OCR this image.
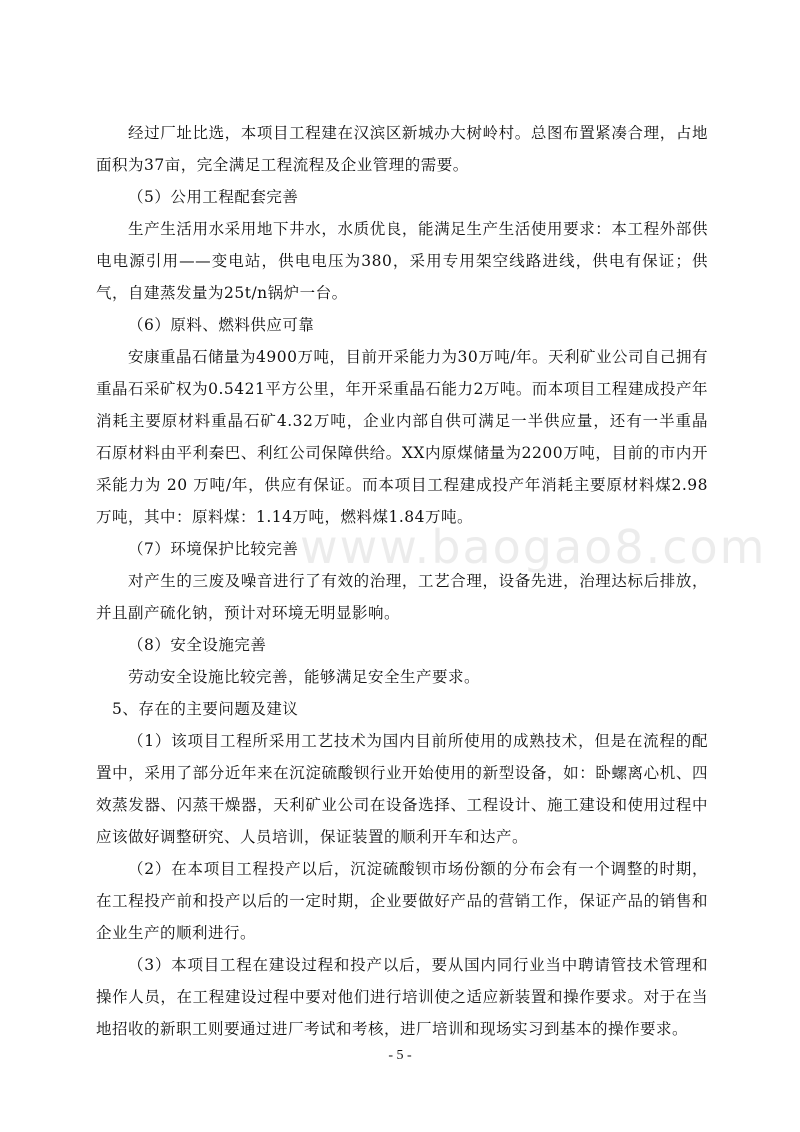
经过厂址比选，本项目工程建在汉滨区新城办大树岭村。总图布置紧凑合理，占地面积为37亩，完全满足工程流程及企业管理的需要。

（5）公用工程配套完善

生产生活用水采用地下井水，水质优良，能满足生产生活使用要求：本工程外部供电电源引用——变电站，供电电压为380，采用专用架空线路进线，供电有保证；供气，自建蒸发量为25t/n锅炉一台。

（6）原料、燃料供应可靠

安康重晶石储量为4900万吨，目前开采能力为30万吨/年。天利矿业公司自己拥有重晶石采矿权为0.5421平方公里，年开采重晶石能力2万吨。而本项目工程建成投产年消耗主要原材料重晶石矿4.32万吨，企业内部自供可满足一半供应量，还有一半重晶石原材料由平利秦巴、利红公司保障供给。XX内原煤储量为2200万吨，目前的市内开采能力为 20 万吨/年，供应有保证。而本项目工程建成投产年消耗主要原材料煤2.98万吨，其中：原料煤：1.14万吨，燃料煤1.84万吨。

（7）环境保护比较完善

对产生的三废及噪音进行了有效的治理，工艺合理，设备先进，治理达标后排放，并且副产硫化钠，预计对环境无明显影响。

（8）安全设施完善

劳动安全设施比较完善，能够满足安全生产要求。

5、存在的主要问题及建议

（1）该项目工程所采用工艺技术为国内目前所使用的成熟技术，但是在流程的配置中，采用了部分近年来在沉淀硫酸钡行业开始使用的新型设备，如：卧螺离心机、四效蒸发器、闪蒸干燥器，天利矿业公司在设备选择、工程设计、施工建设和使用过程中应该做好调整研究、人员培训，保证装置的顺利开车和达产。

（2）在本项目工程投产以后，沉淀硫酸钡市场份额的分布会有一个调整的时期，在工程投产前和投产以后的一定时期，企业要做好产品的营销工作，保证产品的销售和企业生产的顺利进行。

（3）本项目工程在建设过程和投产以后，要从国内同行业当中聘请管技术管理和操作人员，在工程建设过程中要对他们进行培训使之适应新装置和操作要求。对于在当地招收的新职工则要通过进厂考试和考核，进厂培训和现场实习到基本的操作要求。

www.baogao8.com
- 5 -
